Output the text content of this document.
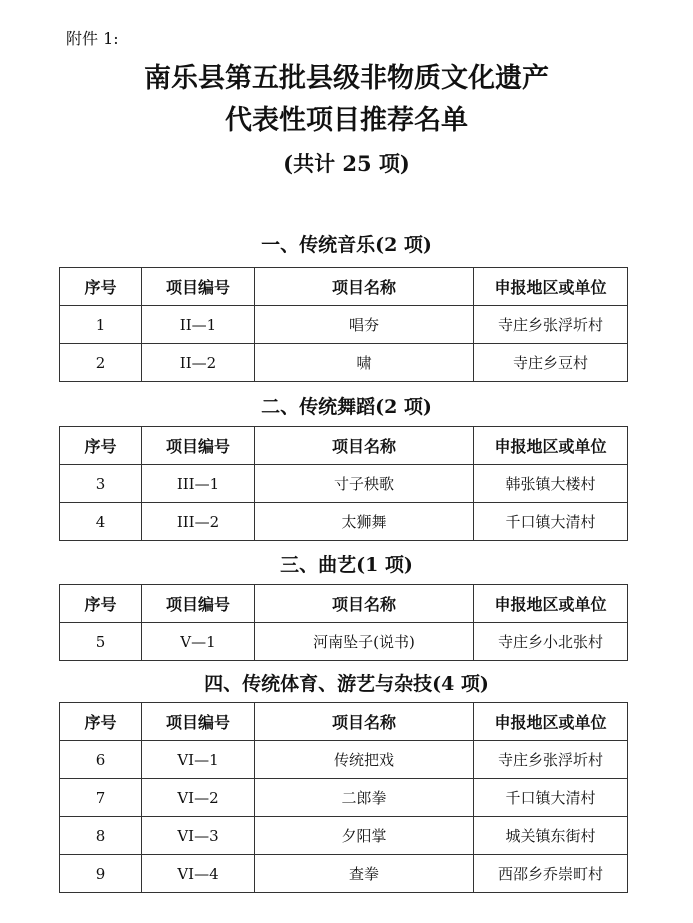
附件 1:
南乐县第五批县级非物质文化遗产
代表性项目推荐名单
(共计 25 项)
一、传统音乐(2 项)
序号	项目编号	项目名称	申报地区或单位
1	II—1	唱夯	寺庄乡张浮圻村
2	II—2	啸	寺庄乡豆村
二、传统舞蹈(2 项)
序号	项目编号	项目名称	申报地区或单位
3	III—1	寸子秧歌	韩张镇大楼村
4	III—2	太狮舞	千口镇大清村
三、曲艺(1 项)
序号	项目编号	项目名称	申报地区或单位
5	V—1	河南坠子(说书)	寺庄乡小北张村
四、传统体育、游艺与杂技(4 项)
序号	项目编号	项目名称	申报地区或单位
6	VI—1	传统把戏	寺庄乡张浮圻村
7	VI—2	二郎拳	千口镇大清村
8	VI—3	夕阳掌	城关镇东街村
9	VI—4	查拳	西邵乡乔崇町村
